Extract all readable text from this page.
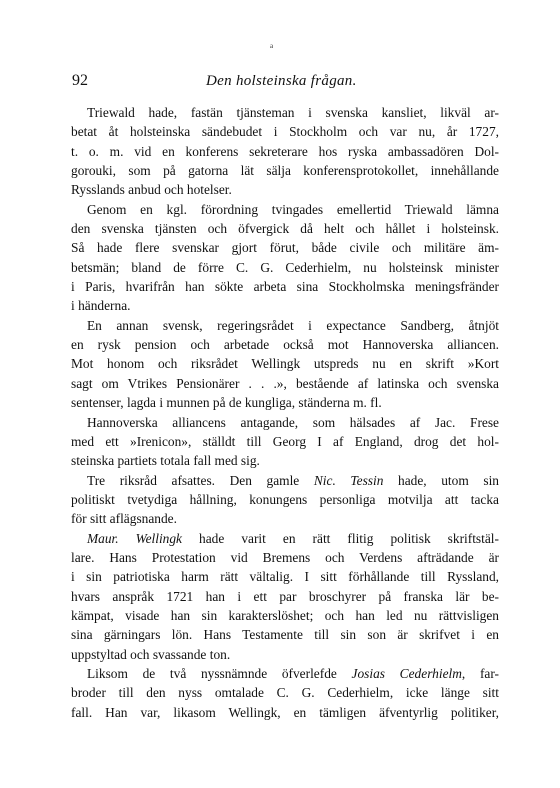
a
92	Den holsteinska frågan.
Triewald hade, fastän tjänsteman i svenska kansliet, likväl ar-
betat åt holsteinska sändebudet i Stockholm och var nu, år 1727,
t. o. m. vid en konferens sekreterare hos ryska ambassadören Dol-
gorouki, som på gatorna lät sälja konferensprotokollet, innehållande
Rysslands anbud och hotelser.
Genom en kgl. förordning tvingades emellertid Triewald lämna
den svenska tjänsten och öfvergick då helt och hållet i holsteinsk.
Så hade flere svenskar gjort förut, både civile och militäre äm-
betsmän; bland de förre C. G. Cederhielm, nu holsteinsk minister
i Paris, hvarifrån han sökte arbeta sina Stockholmska meningsfränder
i händerna.
En annan svensk, regeringsrådet i expectance Sandberg, åtnjöt
en rysk pension och arbetade också mot Hannoverska alliancen.
Mot honom och riksrådet Wellingk utspreds nu en skrift »Kort
sagt om Vtrikes Pensionärer . . .», bestående af latinska och svenska
sentenser, lagda i munnen på de kungliga, ständerna m. fl.
Hannoverska alliancens antagande, som hälsades af Jac. Frese
med ett »Irenicon», ställdt till Georg I af England, drog det hol-
steinska partiets totala fall med sig.
Tre riksråd afsattes. Den gamle Nic. Tessin hade, utom sin
politiskt tvetydiga hållning, konungens personliga motvilja att tacka
för sitt aflägsnande.
Maur. Wellingk hade varit en rätt flitig politisk skriftstäl-
lare. Hans Protestation vid Bremens och Verdens afträdande är
i sin patriotiska harm rätt vältalig. I sitt förhållande till Ryssland,
hvars anspråk 1721 han i ett par broschyrer på franska lär be-
kämpat, visade han sin karakterslöshet; och han led nu rättvisligen
sina gärningars lön. Hans Testamente till sin son är skrifvet i en
uppstyltad och svassande ton.
Liksom de två nyssnämnde öfverlefde Josias Cederhielm, far-
broder till den nyss omtalade C. G. Cederhielm, icke länge sitt
fall. Han var, likasom Wellingk, en tämligen äfventyrlig politiker,
